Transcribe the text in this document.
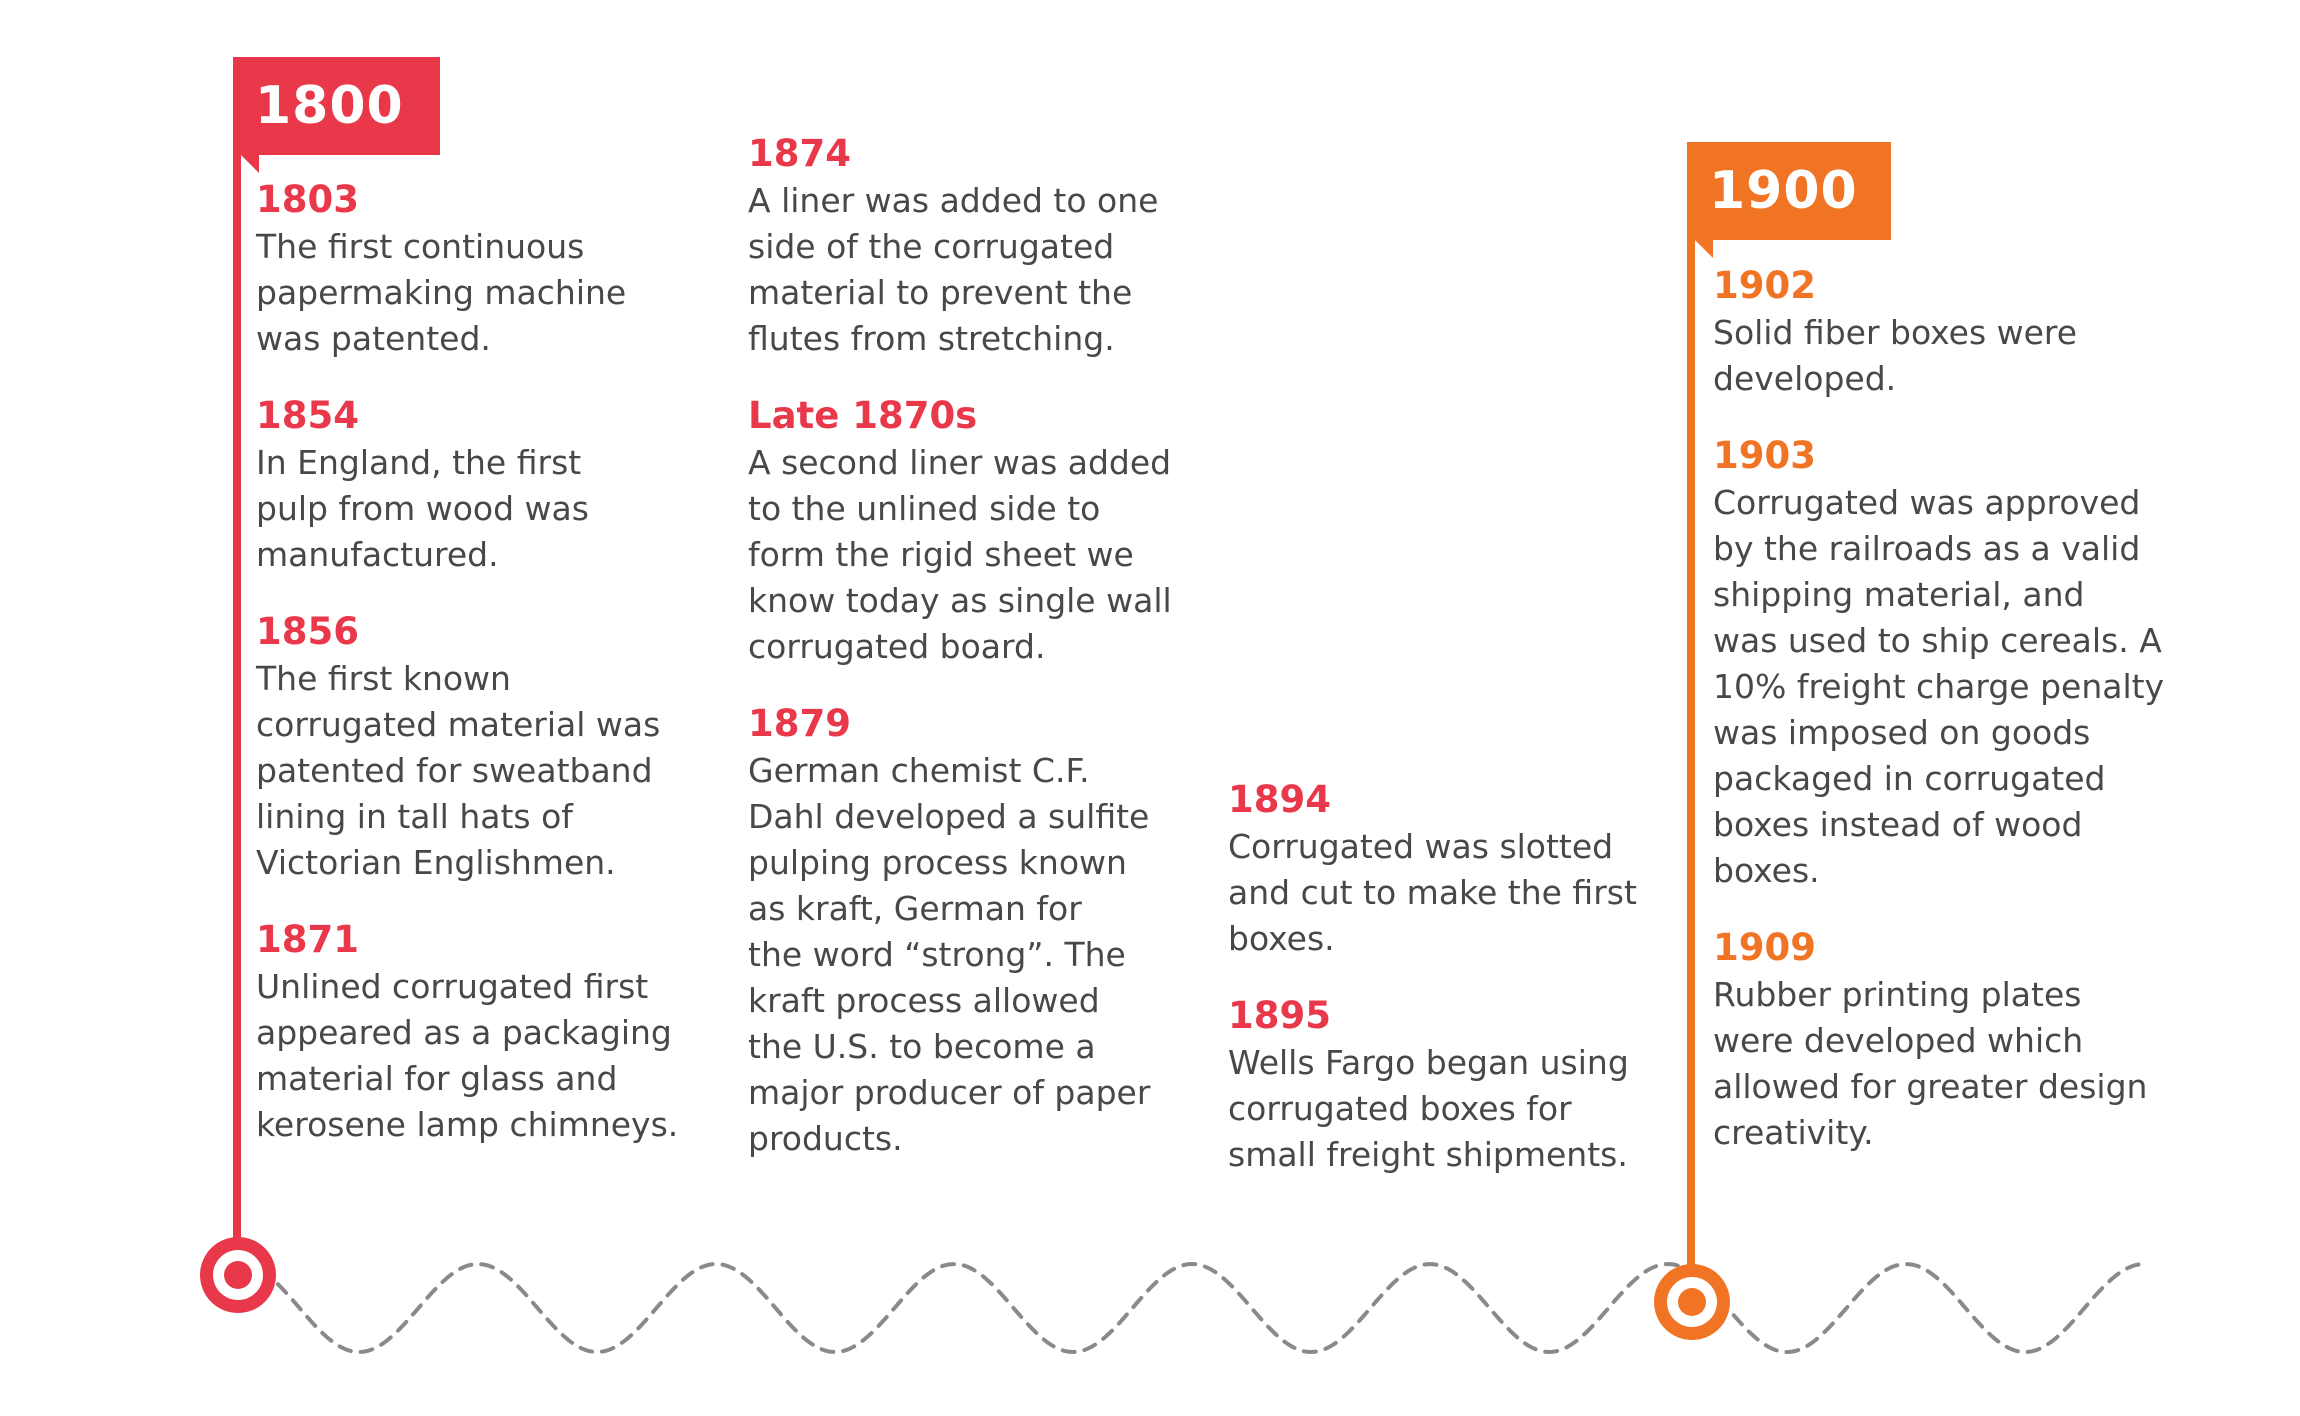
1800
1900
1803
The first continuous
papermaking machine
was patented.
1854
In England, the first
pulp from wood was
manufactured.
1856
The first known
corrugated material was
patented for sweatband
lining in tall hats of
Victorian Englishmen.
1871
Unlined corrugated first
appeared as a packaging
material for glass and
kerosene lamp chimneys.
1874
A liner was added to one
side of the corrugated
material to prevent the
flutes from stretching.
Late 1870s
A second liner was added
to the unlined side to
form the rigid sheet we
know today as single wall
corrugated board.
1879
German chemist C.F.
Dahl developed a sulfite
pulping process known
as kraft, German for
the word “strong”. The
kraft process allowed
the U.S. to become a
major producer of paper
products.
1894
Corrugated was slotted
and cut to make the first
boxes.
1895
Wells Fargo began using
corrugated boxes for
small freight shipments.
1902
Solid fiber boxes were
developed.
1903
Corrugated was approved
by the railroads as a valid
shipping material, and
was used to ship cereals. A
10% freight charge penalty
was imposed on goods
packaged in corrugated
boxes instead of wood
boxes.
1909
Rubber printing plates
were developed which
allowed for greater design
creativity.
